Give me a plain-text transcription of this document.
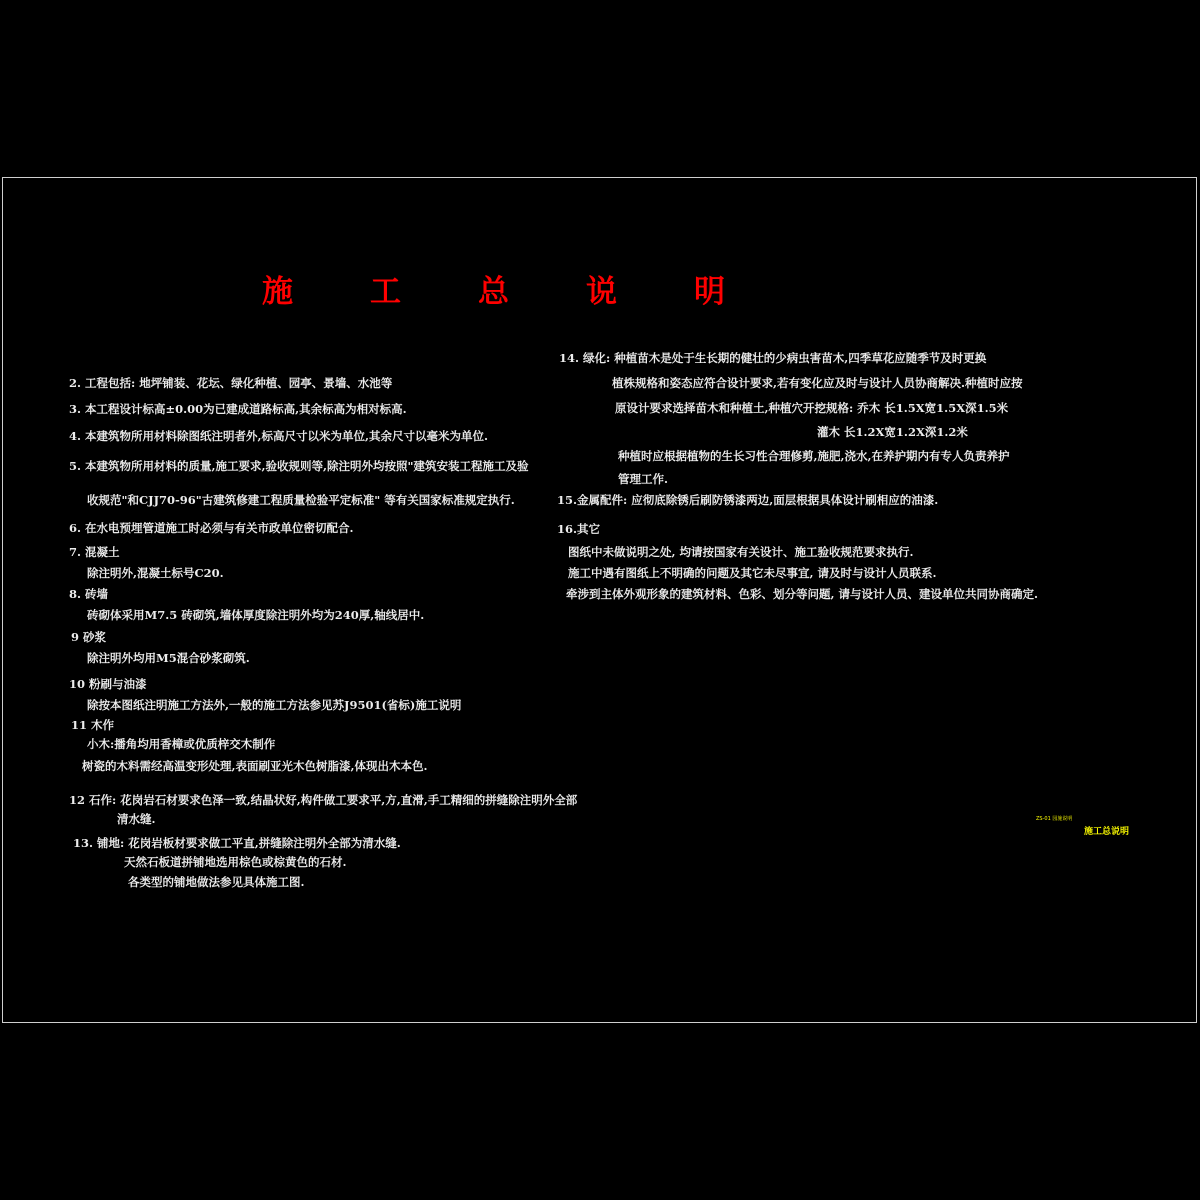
施 工 总 说 明
2. 工程包括: 地坪铺装、花坛、绿化种植、园亭、景墙、水池等
3. 本工程设计标高±0.00为已建成道路标高,其余标高为相对标高.
4. 本建筑物所用材料除图纸注明者外,标高尺寸以米为单位,其余尺寸以毫米为单位.
5. 本建筑物所用材料的质量,施工要求,验收规则等,除注明外均按照"建筑安装工程施工及验
收规范"和CJJ70-96"古建筑修建工程质量检验平定标准" 等有关国家标准规定执行.
6. 在水电预埋管道施工时必须与有关市政单位密切配合.
7. 混凝土
除注明外,混凝土标号C20.
8. 砖墙
砖砌体采用M7.5 砖砌筑,墙体厚度除注明外均为240厚,轴线居中.
9 砂浆
除注明外均用M5混合砂浆砌筑.
10 粉刷与油漆
除按本图纸注明施工方法外,一般的施工方法参见苏J9501(省标)施工说明
11 木作
小木:播角均用香樟或优质梓交木制作
树瓷的木料需经高温变形处理,表面刷亚光木色树脂漆,体现出木本色.
12 石作: 花岗岩石材要求色泽一致,结晶状好,构件做工要求平,方,直滑,手工精细的拼缝除注明外全部
清水缝.
13. 铺地: 花岗岩板材要求做工平直,拼缝除注明外全部为清水缝.
天然石板道拼铺地选用棕色或棕黄色的石材.
各类型的铺地做法参见具体施工图.
14. 绿化: 种植苗木是处于生长期的健壮的少病虫害苗木,四季草花应随季节及时更换
植株规格和姿态应符合设计要求,若有变化应及时与设计人员协商解决.种植时应按
原设计要求选择苗木和种植土,种植穴开挖规格: 乔木 长1.5X宽1.5X深1.5米
灌木 长1.2X宽1.2X深1.2米
种植时应根据植物的生长习性合理修剪,施肥,浇水,在养护期内有专人负责养护
管理工作.
15.金属配件: 应彻底除锈后刷防锈漆两边,面层根据具体设计刷相应的油漆.
16.其它
图纸中未做说明之处, 均请按国家有关设计、施工验收规范要求执行.
施工中遇有图纸上不明确的问题及其它未尽事宜, 请及时与设计人员联系.
牵涉到主体外观形象的建筑材料、色彩、划分等问题, 请与设计人员、建设单位共同协商确定.
ZS-01 园施说明
施工总说明
